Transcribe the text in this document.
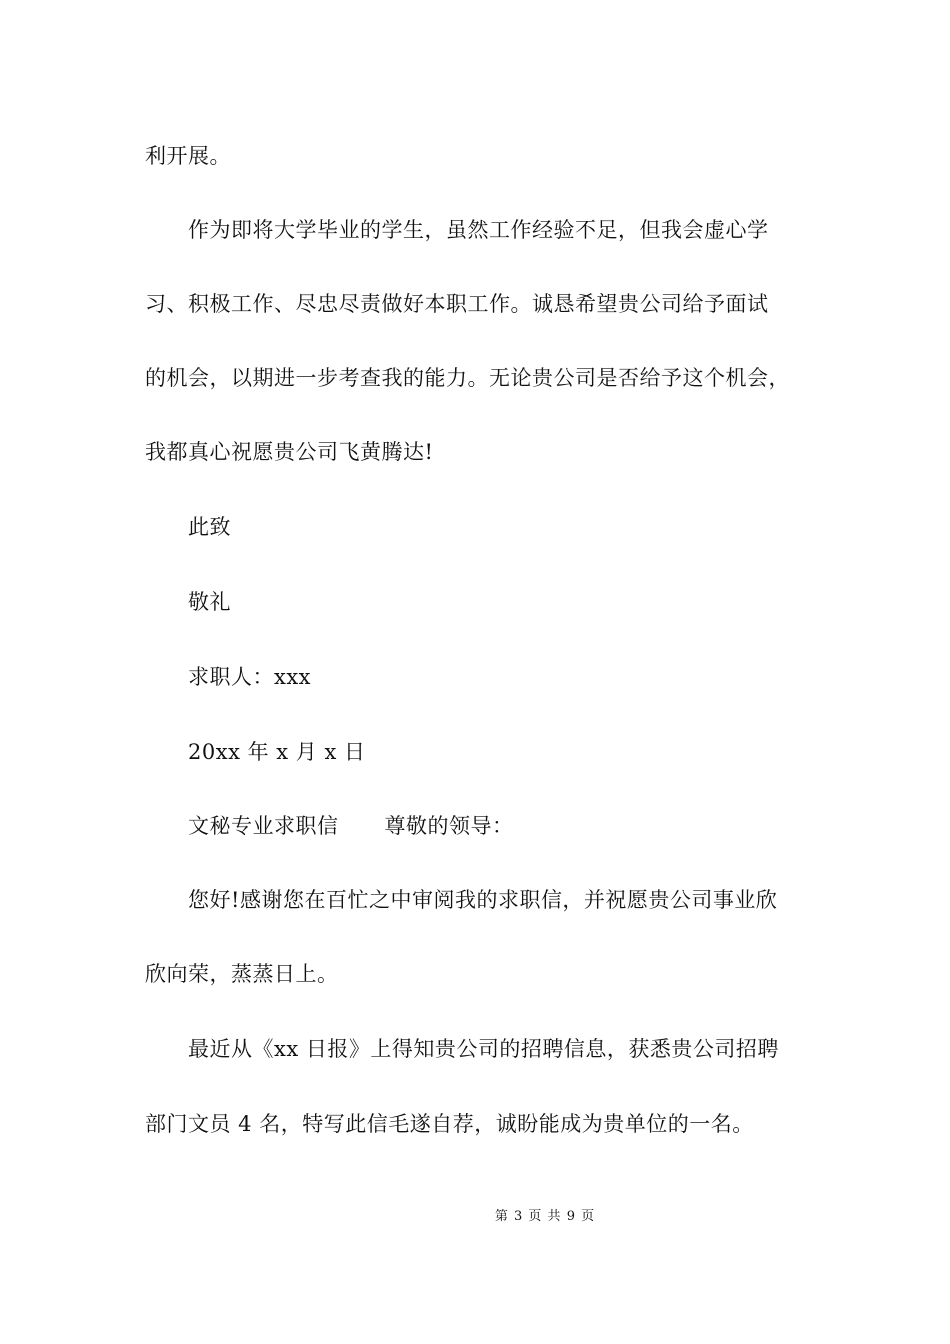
利开展。
作为即将大学毕业的学生，虽然工作经验不足，但我会虚心学
习、积极工作、尽忠尽责做好本职工作。诚恳希望贵公司给予面试
的机会，以期进一步考查我的能力。无论贵公司是否给予这个机会，
我都真心祝愿贵公司飞黄腾达!
此致
敬礼
求职人：xxx
20xx 年 x 月 x 日
文秘专业求职信 尊敬的领导：
您好!感谢您在百忙之中审阅我的求职信，并祝愿贵公司事业欣
欣向荣，蒸蒸日上。
最近从《xx 日报》上得知贵公司的招聘信息，获悉贵公司招聘
部门文员 4 名，特写此信毛遂自荐，诚盼能成为贵单位的一名。
第 3 页 共 9 页
